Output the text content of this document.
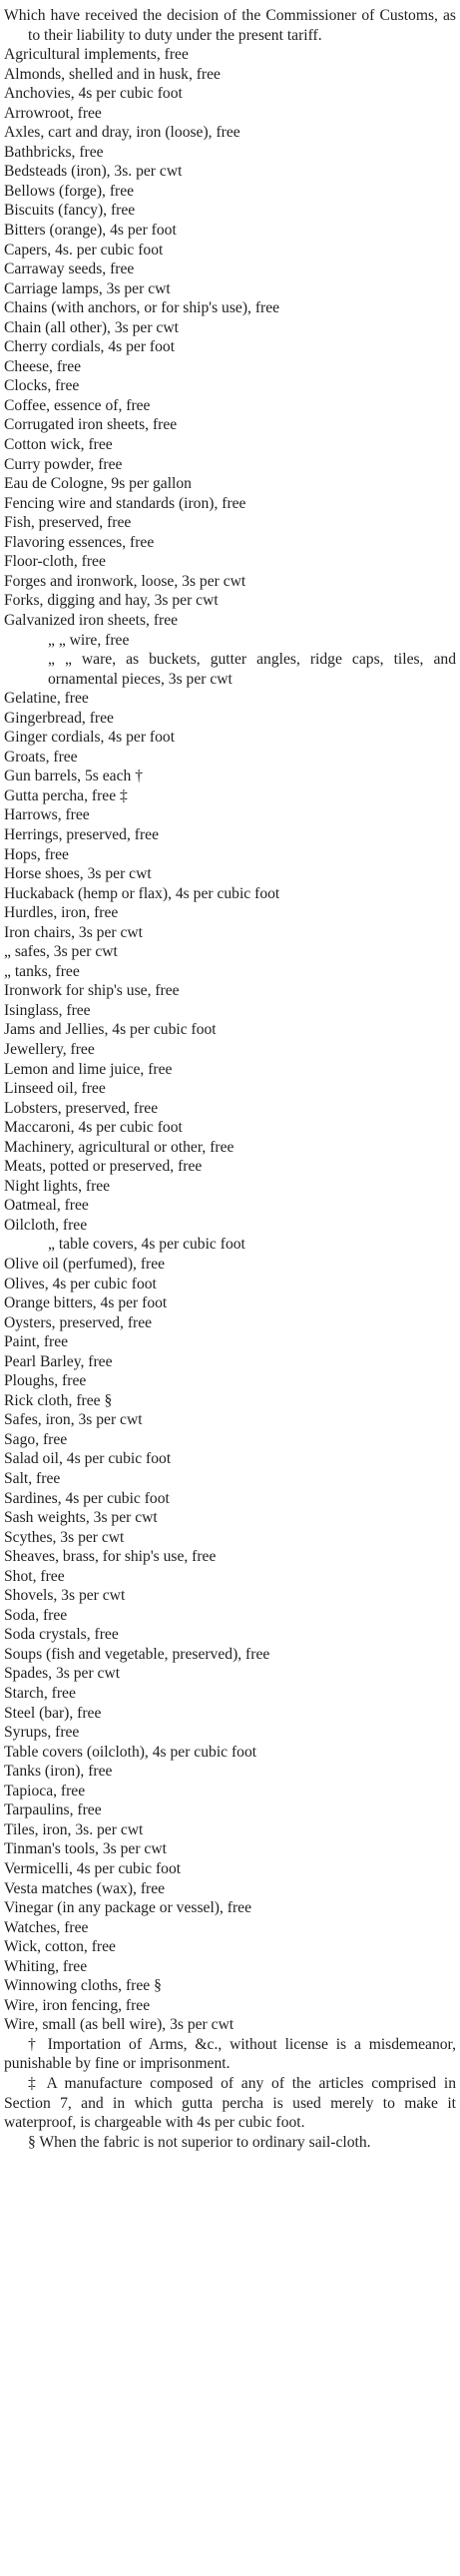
Which have received the decision of the Commissioner of Customs, as to their liability to duty under the present tariff.

Agricultural implements, free
Almonds, shelled and in husk, free
Anchovies, 4s per cubic foot
Arrowroot, free
Axles, cart and dray, iron (loose), free
Bathbricks, free
Bedsteads (iron), 3s. per cwt
Bellows (forge), free
Biscuits (fancy), free
Bitters (orange), 4s per foot
Capers, 4s. per cubic foot
Carraway seeds, free
Carriage lamps, 3s per cwt
Chains (with anchors, or for ship's use), free
Chain (all other), 3s per cwt
Cherry cordials, 4s per foot
Cheese, free
Clocks, free
Coffee, essence of, free
Corrugated iron sheets, free
Cotton wick, free
Curry powder, free
Eau de Cologne, 9s per gallon
Fencing wire and standards (iron), free
Fish, preserved, free
Flavoring essences, free
Floor-cloth, free
Forges and ironwork, loose, 3s per cwt
Forks, digging and hay, 3s per cwt
Galvanized iron sheets, free
„ „ wire, free
„ „ ware, as buckets, gutter angles, ridge caps, tiles, and ornamental pieces, 3s per cwt
Gelatine, free
Gingerbread, free
Ginger cordials, 4s per foot
Groats, free
Gun barrels, 5s each †
Gutta percha, free ‡
Harrows, free
Herrings, preserved, free
Hops, free
Horse shoes, 3s per cwt
Huckaback (hemp or flax), 4s per cubic foot
Hurdles, iron, free
Iron chairs, 3s per cwt
„ safes, 3s per cwt
„ tanks, free
Ironwork for ship's use, free
Isinglass, free
Jams and Jellies, 4s per cubic foot
Jewellery, free
Lemon and lime juice, free
Linseed oil, free
Lobsters, preserved, free
Maccaroni, 4s per cubic foot
Machinery, agricultural or other, free
Meats, potted or preserved, free
Night lights, free
Oatmeal, free
Oilcloth, free
„ table covers, 4s per cubic foot
Olive oil (perfumed), free
Olives, 4s per cubic foot
Orange bitters, 4s per foot
Oysters, preserved, free
Paint, free
Pearl Barley, free
Ploughs, free
Rick cloth, free §
Safes, iron, 3s per cwt
Sago, free
Salad oil, 4s per cubic foot
Salt, free
Sardines, 4s per cubic foot
Sash weights, 3s per cwt
Scythes, 3s per cwt
Sheaves, brass, for ship's use, free
Shot, free
Shovels, 3s per cwt
Soda, free
Soda crystals, free
Soups (fish and vegetable, preserved), free
Spades, 3s per cwt
Starch, free
Steel (bar), free
Syrups, free
Table covers (oilcloth), 4s per cubic foot
Tanks (iron), free
Tapioca, free
Tarpaulins, free
Tiles, iron, 3s. per cwt
Tinman's tools, 3s per cwt
Vermicelli, 4s per cubic foot
Vesta matches (wax), free
Vinegar (in any package or vessel), free
Watches, free
Wick, cotton, free
Whiting, free
Winnowing cloths, free §
Wire, iron fencing, free
Wire, small (as bell wire), 3s per cwt

† Importation of Arms, &c., without license is a misdemeanor, punishable by fine or imprisonment.

‡ A manufacture composed of any of the articles comprised in Section 7, and in which gutta percha is used merely to make it waterproof, is chargeable with 4s per cubic foot.

§ When the fabric is not superior to ordinary sail-cloth.
